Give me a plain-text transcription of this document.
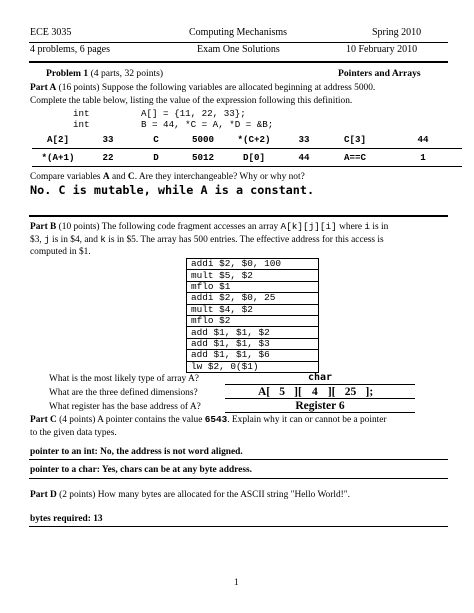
ECE 3035	Computing Mechanisms	Spring 2010
4 problems, 6 pages	Exam One Solutions	10 February 2010
Problem 1 (4 parts, 32 points)	Pointers and Arrays
Part A (16 points) Suppose the following variables are allocated beginning at address 5000.
Complete the table below, listing the value of the expression following this definition.
int	A[] = {11, 22, 33};
int	B = 44, *C = A, *D = &B;
A[2]	33	C	5000	*(C+2)	33	C[3]	44
*(A+1)	22	D	5012	D[0]	44	A==C	1
Compare variables A and C. Are they interchangeable? Why or why not?
No. C is mutable, while A is a constant.
Part B (10 points) The following code fragment accesses an array A[k][j][i] where i is in
$3, j is in $4, and k is in $5. The array has 500 entries. The effective address for this access is
computed in $1.
addi $2, $0, 100
mult $5, $2
mflo $1
addi $2, $0, 25
mult $4, $2
mflo $2
add $1, $1, $2
add $1, $1, $3
add $1, $1, $6
lw $2, 0($1)
What is the most likely type of array A?	char
What are the three defined dimensions?	A[ 5 ][ 4 ][ 25 ];
What register has the base address of A?	Register 6
Part C (4 points) A pointer contains the value 6543. Explain why it can or cannot be a pointer
to the given data types.
pointer to an int: No, the address is not word aligned.
pointer to a char: Yes, chars can be at any byte address.
Part D (2 points) How many bytes are allocated for the ASCII string "Hello World!".
bytes required: 13
1
